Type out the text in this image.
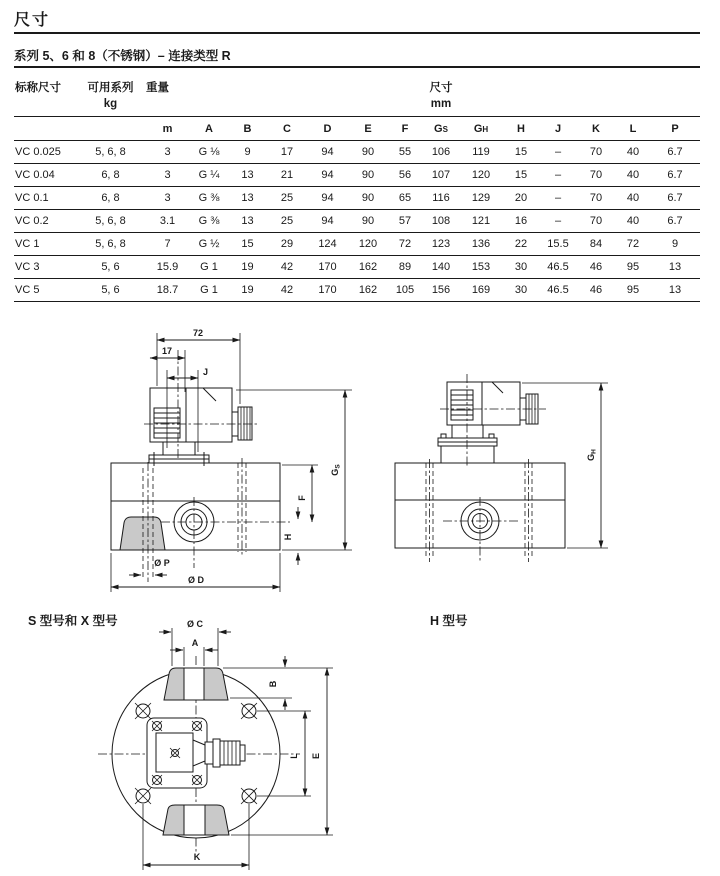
尺寸
系列 5、6 和 8（不锈钢）– 连接类型 R
标称尺寸	可用系列
kg	重量							尺寸
mm						
		m	A	B	C	D	E	F	GS	GH	H	J	K	L	P
VC 0.025	5, 6, 8	3	G ⅛	9	17	94	90	55	106	119	15	–	70	40	6.7
VC 0.04	6, 8	3	G ¼	13	21	94	90	56	107	120	15	–	70	40	6.7
VC 0.1	6, 8	3	G ⅜	13	25	94	90	65	116	129	20	–	70	40	6.7
VC 0.2	5, 6, 8	3.1	G ⅜	13	25	94	90	57	108	121	16	–	70	40	6.7
VC 1	5, 6, 8	7	G ½	15	29	124	120	72	123	136	22	15.5	84	72	9
VC 3	5, 6	15.9	G 1	19	42	170	162	89	140	153	30	46.5	46	95	13
VC 5	5, 6	18.7	G 1	19	42	170	162	105	156	169	30	46.5	46	95	13
S 型号和 X 型号	H 型号
72
17
J
GS
F
H
Ø P
Ø D
GH
Ø C
A
B
L E
K
